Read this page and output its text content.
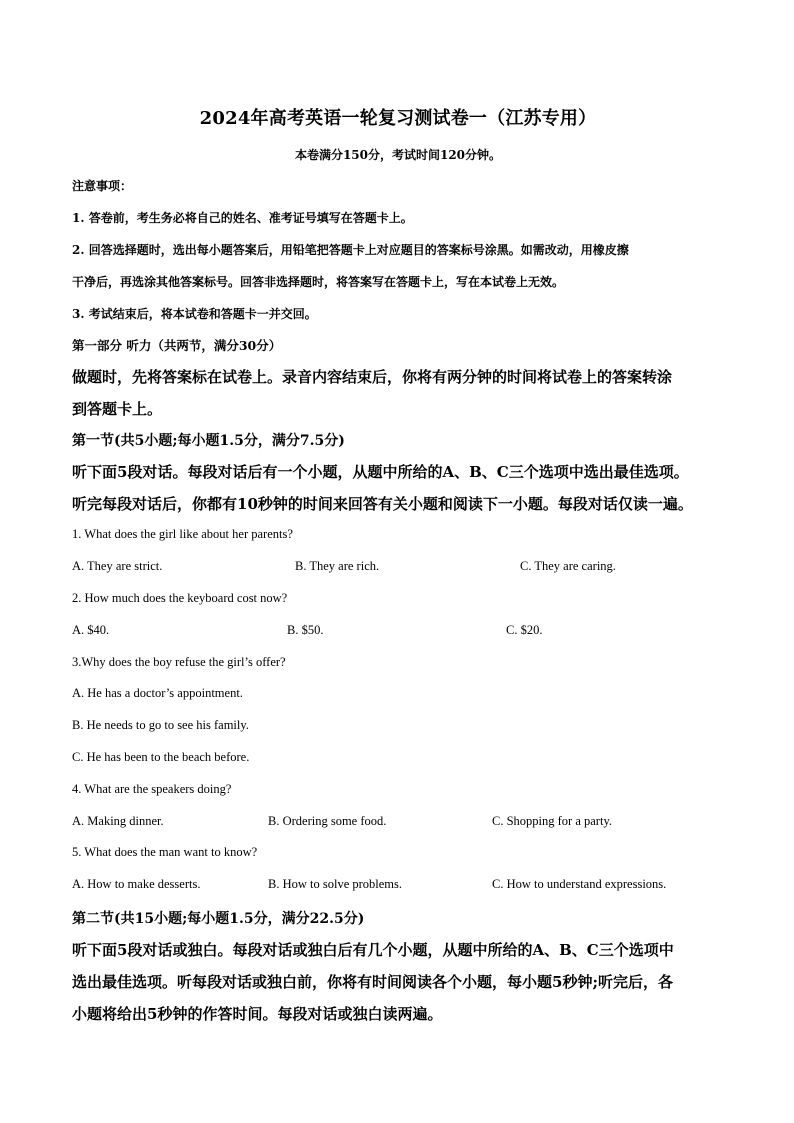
2024年高考英语一轮复习测试卷一（江苏专用）
本卷满分150分，考试时间120分钟。
注意事项：
1. 答卷前，考生务必将自己的姓名、准考证号填写在答题卡上。
2. 回答选择题时，选出每小题答案后，用铅笔把答题卡上对应题目的答案标号涂黑。如需改动，用橡皮擦
干净后，再选涂其他答案标号。回答非选择题时，将答案写在答题卡上，写在本试卷上无效。
3. 考试结束后，将本试卷和答题卡一并交回。
第一部分 听力（共两节，满分30分）
做题时，先将答案标在试卷上。录音内容结束后，你将有两分钟的时间将试卷上的答案转涂
到答题卡上。
第一节(共5小题;每小题1.5分，满分7.5分)
听下面5段对话。每段对话后有一个小题，从题中所给的A、B、C三个选项中选出最佳选项。
听完每段对话后，你都有10秒钟的时间来回答有关小题和阅读下一小题。每段对话仅读一遍。
1. What does the girl like about her parents?
A. They are strict.	B. They are rich.	C. They are caring.
2. How much does the keyboard cost now?
A. $40.	B. $50.	C. $20.
3.Why does the boy refuse the girl’s offer?
A. He has a doctor’s appointment.
B. He needs to go to see his family.
C. He has been to the beach before.
4. What are the speakers doing?
A. Making dinner.	B. Ordering some food.	C. Shopping for a party.
5. What does the man want to know?
A. How to make desserts.	B. How to solve problems.	C. How to understand expressions.
第二节(共15小题;每小题1.5分，满分22.5分)
听下面5段对话或独白。每段对话或独白后有几个小题，从题中所给的A、B、C三个选项中
选出最佳选项。听每段对话或独白前，你将有时间阅读各个小题，每小题5秒钟;听完后，各
小题将给出5秒钟的作答时间。每段对话或独白读两遍。
